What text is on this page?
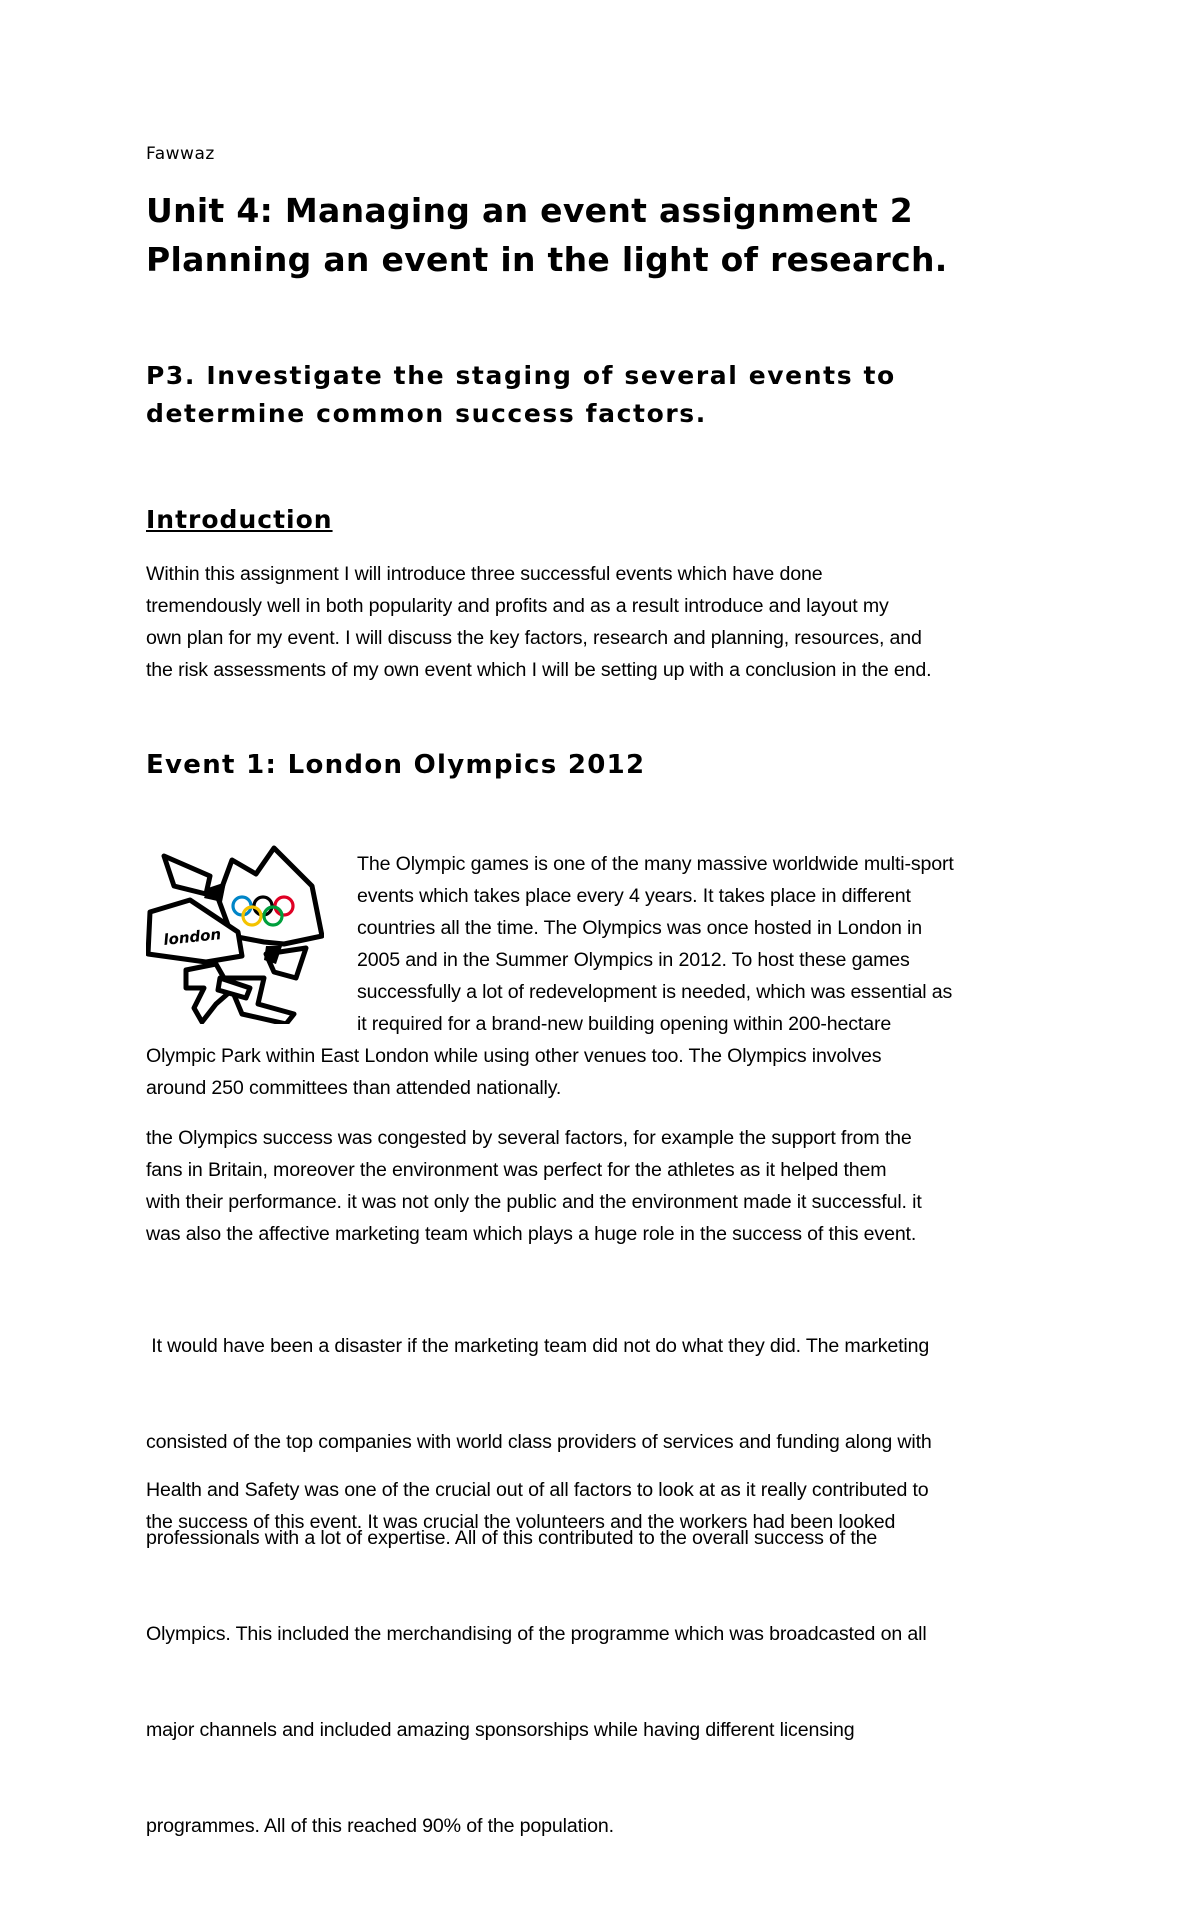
Fawwaz
Unit 4: Managing an event assignment 2
Planning an event in the light of research.
P3. Investigate the staging of several events to
determine common success factors.
Introduction

Within this assignment I will introduce three successful events which have done
tremendously well in both popularity and profits and as a result introduce and layout my
own plan for my event. I will discuss the key factors, research and planning, resources, and
the risk assessments of my own event which I will be setting up with a conclusion in the end.

Event 1: London Olympics 2012
london

The Olympic games is one of the many massive worldwide multi-sport
events which takes place every 4 years. It takes place in different
countries all the time. The Olympics was once hosted in London in
2005 and in the Summer Olympics in 2012. To host these games
successfully a lot of redevelopment is needed, which was essential as
it required for a brand-new building opening within 200-hectare

Olympic Park within East London while using other venues too. The Olympics involves
around 250 committees than attended nationally.

the Olympics success was congested by several factors, for example the support from the
fans in Britain, moreover the environment was perfect for the athletes as it helped them
with their performance. it was not only the public and the environment made it successful. it
was also the affective marketing team which plays a huge role in the success of this event.

It would have been a disaster if the marketing team did not do what they did. The marketing

consisted of the top companies with world class providers of services and funding along with

professionals with a lot of expertise. All of this contributed to the overall success of the

Olympics. This included the merchandising of the programme which was broadcasted on all

major channels and included amazing sponsorships while having different licensing

programmes. All of this reached 90% of the population.

Health and Safety was one of the crucial out of all factors to look at as it really contributed to
the success of this event. It was crucial the volunteers and the workers had been looked
